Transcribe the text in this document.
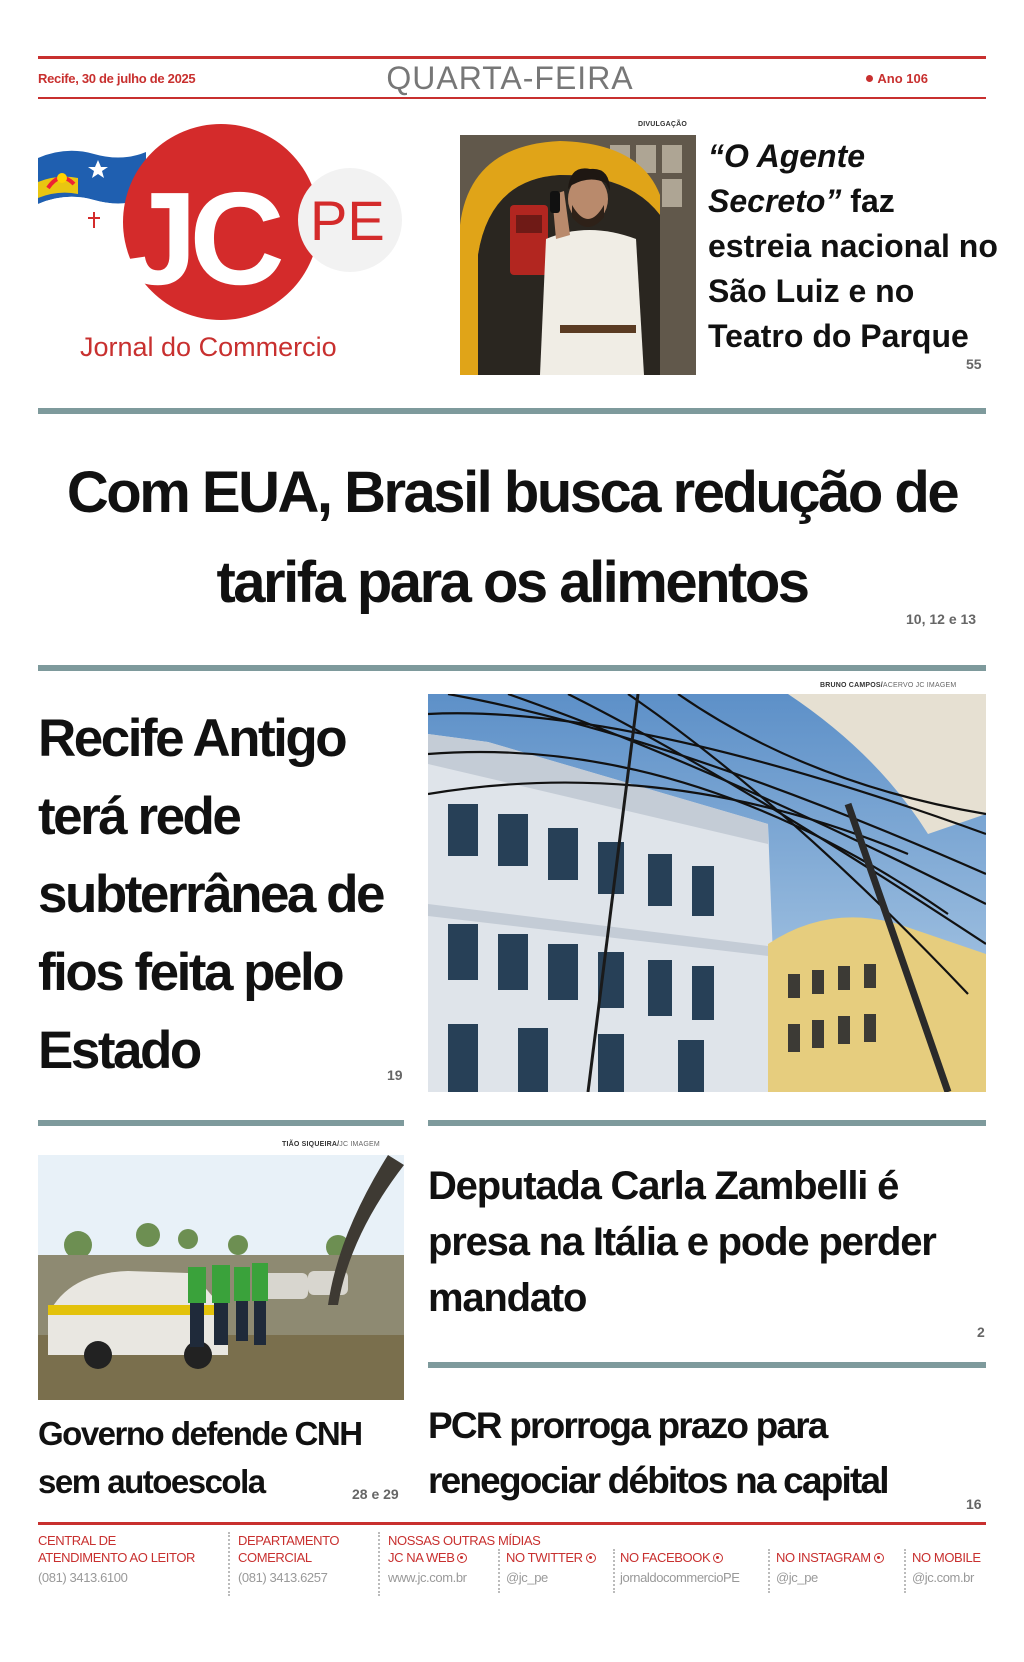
Recife, 30 de julho de 2025	QUARTA-FEIRA	Ano 106
JC PE
Jornal do Commercio
DIVULGAÇÃO
“O Agente Secreto” faz estreia nacional no São Luiz e no Teatro do Parque
55
Com EUA, Brasil busca redução de tarifa para os alimentos
10, 12 e 13
BRUNO CAMPOS/ACERVO JC IMAGEM
Recife Antigo terá rede subterrânea de fios feita pelo Estado	19
TIÃO SIQUEIRA/JC IMAGEM
Governo defende CNH sem autoescola	28 e 29
Deputada Carla Zambelli é presa na Itália e pode perder mandato
2
PCR prorroga prazo para renegociar débitos na capital
16
CENTRAL DE
ATENDIMENTO AO LEITOR
(081) 3413.6100
DEPARTAMENTO
COMERCIAL
(081) 3413.6257
NOSSAS OUTRAS MÍDIAS
JC NA WEB
www.jc.com.br
NO TWITTER
@jc_pe
NO FACEBOOK
jornaldocommercioPE
NO INSTAGRAM
@jc_pe
NO MOBILE
@jc.com.br
